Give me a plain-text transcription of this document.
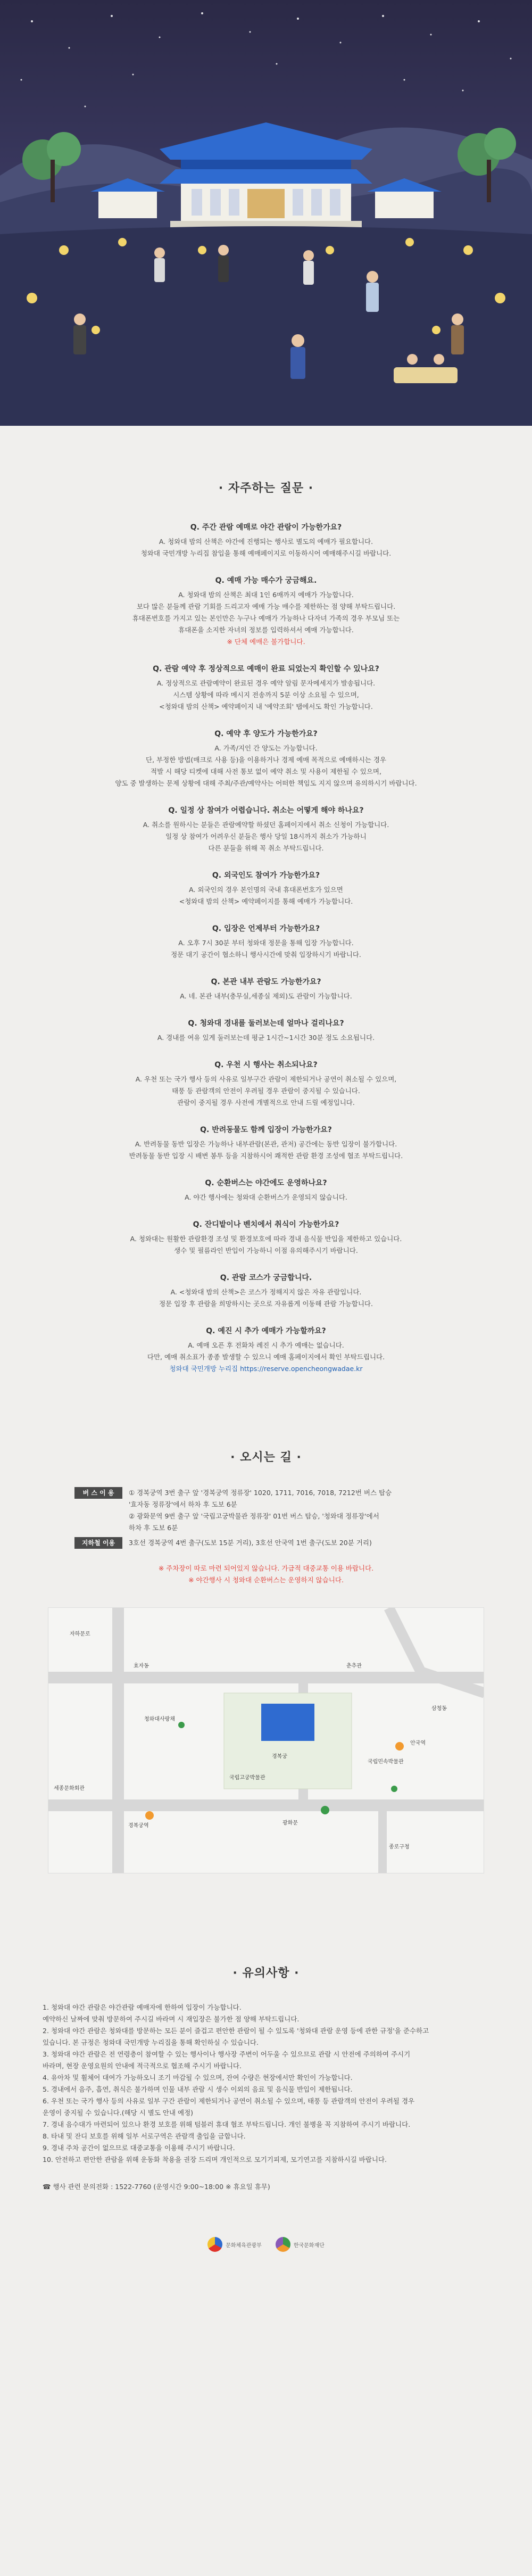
· 자주하는 질문 ·
Q. 주간 관람 예매로 야간 관람이 가능한가요?
A. 청와대 밤의 산책은 야간에 진행되는 행사로 별도의 예매가 필요합니다.
청와대 국민개방 누리집 참입을 통해 예매페이지로 이동하시어 예매해주시길 바랍니다.
Q. 예매 가능 매수가 궁금해요.
A. 청와대 밤의 산책은 최대 1인 6매까지 예매가 가능합니다.
보다 많은 분들께 관람 기회를 드리고자 예매 가능 매수를 제한하는 점 양해 부탁드립니다.
휴대폰번호를 가지고 있는 본인만은 누구나 예매가 가능하나 다자녀 가족의 경우 부모님 또는
휴대폰을 소지한 자녀의 정보를 입력하셔서 예매 가능합니다.
※ 단체 예매은 불가합니다.
Q. 관람 예약 후 정상적으로 예매이 완료 되었는지 확인할 수 있나요?
A. 정상적으로 관람예약이 완료된 경우 예약 알림 문자메세지가 발송됩니다.
시스템 상황에 따라 메시지 전송까지 5분 이상 소요될 수 있으며,
<청와대 밤의 산책> 예약페이지 내 '예약조회' 탭에서도 확인 가능합니다.
Q. 예약 후 양도가 가능한가요?
A. 가족/지인 간 양도는 가능합니다.
단, 부정한 방법(매크로 사용 등)을 이용하거나 경제 예매 목적으로 예매하시는 경우
적발 시 해당 티켓에 대해 사전 통보 없이 예약 취소 및 사용이 제한될 수 있으며,
양도 중 발생하는 문제 상황에 대해 주최/주관/예약사는 어떠한 책임도 지지 않으며 유의하시기 바랍니다.
Q. 일정 상 참여가 어렵습니다. 취소는 어떻게 해야 하나요?
A. 취소를 원하시는 분들은 관람예약할 하셨던 홈페이지에서 취소 신청이 가능합니다.
일정 상 참여가 어려우신 분들은 행사 당일 18시까지 취소가 가능하니
다른 분들을 위해 꼭 취소 부탁드립니다.
Q. 외국인도 참여가 가능한가요?
A. 외국인의 경우 본인명의 국내 휴대폰번호가 있으면
<청와대 밤의 산책> 예약페이지를 통해 예매가 가능합니다.
Q. 입장은 언제부터 가능한가요?
A. 오후 7시 30분 부터 청와대 정문을 통해 입장 가능합니다.
정문 대기 공간이 협소하니 행사시간에 맞춰 입장하시기 바랍니다.
Q. 본관 내부 관람도 가능한가요?
A. 네. 본관 내부(충무실,세종실 제외)도 관람이 가능합니다.
Q. 청와대 경내를 둘러보는데 얼마나 걸리나요?
A. 경내를 여유 있게 둘러보는데 평균 1시간~1시간 30분 정도 소요됩니다.
Q. 우천 시 행사는 취소되나요?
A. 우천 또는 국가 행사 등의 사유로 일부구간 관람이 제한되거나 공연이 취소될 수 있으며,
태풍 등 관람객의 안전이 우려될 경우 관람이 중지될 수 있습니다.
관람이 중지될 경우 사전에 개별적으로 안내 드릴 예정입니다.
Q. 반려동물도 함께 입장이 가능한가요?
A. 반려동물 동반 입장은 가능하나 내부관람(본관, 관저) 공간에는 동반 입장이 불가합니다.
반려동물 동반 입장 시 배변 봉투 등을 지참하시어 쾌적한 관람 환경 조성에 협조 부탁드립니다.
Q. 순환버스는 야간에도 운영하나요?
A. 야간 행사에는 청와대 순환버스가 운영되지 않습니다.
Q. 잔디밭이나 벤치에서 취식이 가능한가요?
A. 청와대는 원활한 관람환경 조성 및 환경보호에 따라 경내 음식물 반입을 제한하고 있습니다.
생수 및 필름라인 반입이 가능하니 이점 유의해주시기 바랍니다.
Q. 관람 코스가 궁금합니다.
A. <청와대 밤의 산책>은 코스가 정해지지 않은 자유 관람입니다.
정문 입장 후 관람을 희망하시는 곳으로 자유롭게 이동해 관람 가능합니다.
Q. 예진 시 추가 예매가 가능할까요?
A. 예매 오픈 후 전화차 례진 시 추가 예매는 없습니다.
다만, 예매 취소표가 종종 발생할 수 있으니 예매 홈페이지에서 확인 부탁드립니다.
청와대 국민개방 누리집 https://reserve.opencheongwadae.kr
· 오시는 길 ·
버 스 이 용	① 경복궁역 3번 출구 앞 '경복궁역 정류장' 1020, 1711, 7016, 7018, 7212번 버스 탑승
'효자동 정류장'에서 하차 후 도보 6분
② 광화문역 9번 출구 앞 '국립고궁박물관 정류장' 01번 버스 탑승, '청와대 정류장'에서
하차 후 도보 6분
지하철 이용	3호선 경복궁역 4번 출구(도보 15분 거리), 3호선 안국역 1번 출구(도보 20분 거리)
※ 주차장이 따로 마련 되어있지 않습니다. 가급적 대중교통 이용 바랍니다.
※ 야간행사 시 청와대 순환버스는 운영하지 않습니다.
자하문로
효자동
청와대사랑채
춘추관
경복궁
국립민속박물관
삼청동
국립고궁박물관
광화문
경복궁역
안국역
세종문화회관
종로구청
· 유의사항 ·
1. 청와대 야간 관람은 야간관람 예매자에 한하여 입장이 가능합니다.
예약하신 날짜에 맞춰 방문하여 주시길 바라며 시 재입장은 불가한 점 양해 부탁드립니다.
2. 청와대 야간 관람은 청와대를 방문하는 모든 분이 즐겁고 편안한 관람이 될 수 있도록 '청와대 관람 운영 등에 관한 규정'을 준수하고
있습니다. 본 규정은 청와대 국민개방 누리집을 통해 확인하실 수 있습니다.
3. 청와대 야간 관람은 전 연령층이 참여할 수 있는 행사이나 행사장 주변이 어두울 수 있으므로 관람 시 안전에 주의하여 주시기
바라며, 현장 운영요원의 안내에 적극적으로 협조해 주시기 바랍니다.
4. 유아차 및 휠체어 대여가 가능하오니 조기 마감될 수 있으며, 잔여 수량은 현장에서만 확인이 가능합니다.
5. 경내에서 음주, 흡연, 취식은 불가하며 인물 내부 관람 시 생수 이외의 음료 및 음식물 반입이 제한됩니다.
6. 우천 또는 국가 행사 등의 사유로 일부 구간 관람이 제한되거나 공연이 취소될 수 있으며, 태풍 등 관람객의 안전이 우려될 경우
운영이 중지될 수 있습니다.(해당 시 별도 안내 예정)
7. 경내 음수대가 마련되어 있으나 환경 보호를 위해 텀블러 휴대 협조 부탁드립니다. 개인 불병을 꼭 지참하여 주시기 바랍니다.
8. 타내 및 잔디 보호를 위해 일부 서로구역은 관람객 출입을 금합니다.
9. 경내 주차 공간이 없으므로 대중교통을 이용해 주시기 바랍니다.
10. 안전하고 편안한 관람을 위해 운동화 착용을 권장 드리며 개인적으로 모기기피제, 모기연고를 지참하시길 바랍니다.
☎ 행사 관련 문의전화 : 1522-7760 (운영시간 9:00~18:00 ※ 휴요일 휴무)
문화체육관광부	한국문화재단
